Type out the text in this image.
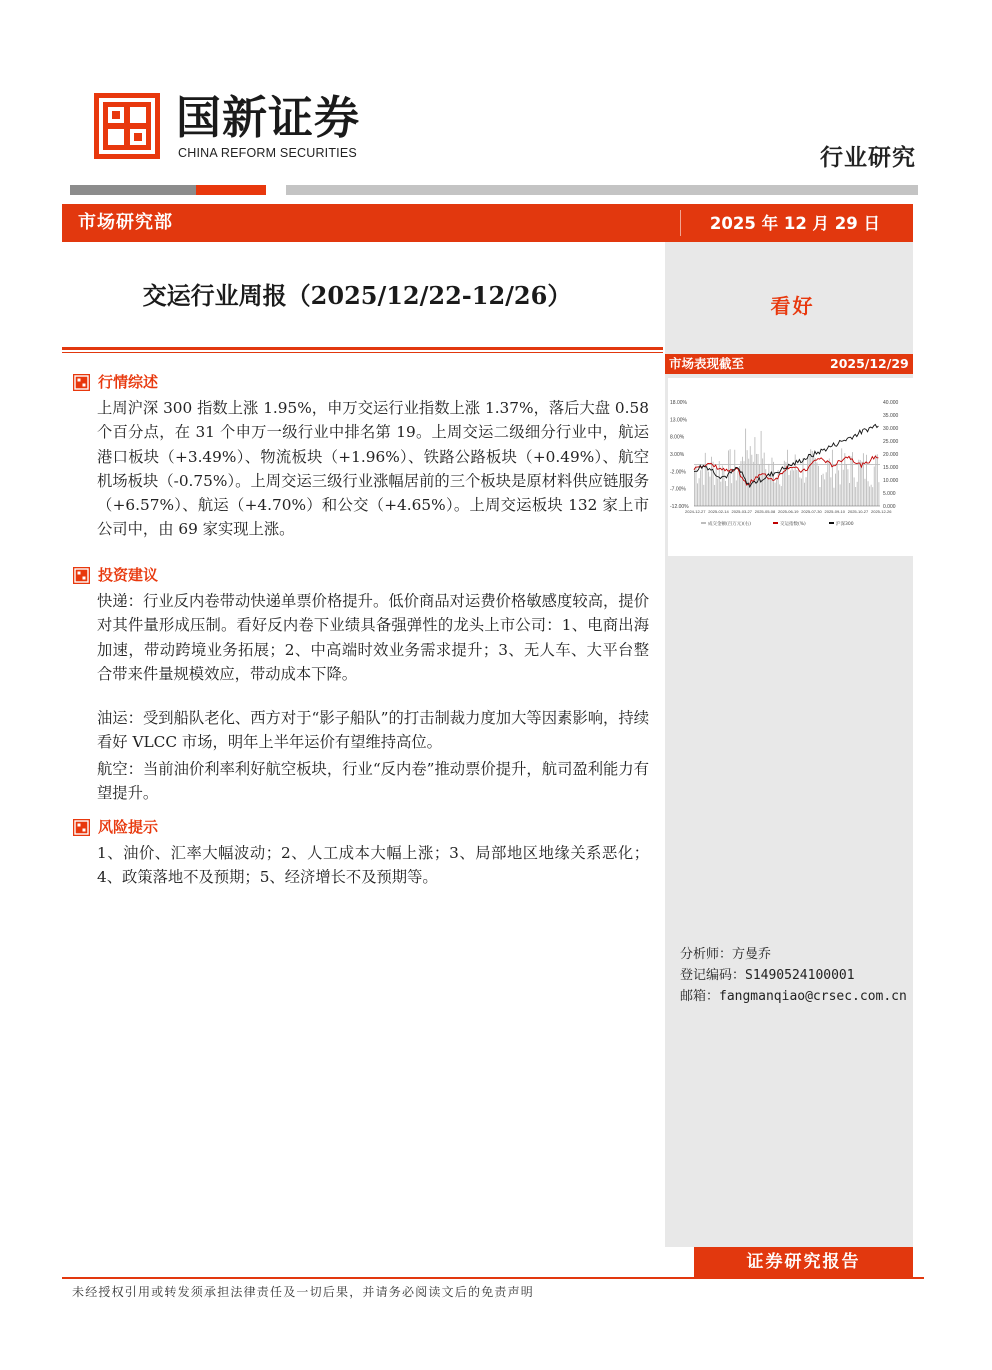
国新证券
CHINA REFORM SECURITIES	行业研究
市场研究部	2025 年 12 月 29 日
看好
市场表现截至	2025/12/29
18.00%
13.00%
8.00%
3.00%
-2.00%
-7.00%
-12.00%
40.000
35.000
30.000
25.000
20.000
15.000
10.000
5.000
0.000
2024-12-27 2025-02-14 2025-03-27 2025-05-08 2025-06-19 2025-07-30 2025-09-10 2025-10-27 2025-12-26
成交金额(百万元)(右)	交运指数(%)	沪深300
分析师：方曼乔
登记编码：S1490524100001
邮箱：fangmanqiao@crsec.com.cn
交运行业周报（2025/12/22-12/26）
行情综述
上周沪深 300 指数上涨 1.95%，申万交运行业指数上涨 1.37%，落后大盘 0.58 个百分点，在 31 个申万一级行业中排名第 19。上周交运二级细分行业中，航运港口板块（+3.49%）、物流板块（+1.96%）、铁路公路板块（+0.49%）、航空机场板块（-0.75%）。上周交运三级行业涨幅居前的三个板块是原材料供应链服务（+6.57%）、航运（+4.70%）和公交（+4.65%）。上周交运板块 132 家上市公司中，由 69 家实现上涨。
投资建议
快递：行业反内卷带动快递单票价格提升。低价商品对运费价格敏感度较高，提价对其件量形成压制。看好反内卷下业绩具备强弹性的龙头上市公司：1、电商出海加速，带动跨境业务拓展；2、中高端时效业务需求提升；3、无人车、大平台整合带来件量规模效应，带动成本下降。
油运：受到船队老化、西方对于“影子船队”的打击制裁力度加大等因素影响，持续看好 VLCC 市场，明年上半年运价有望维持高位。
航空：当前油价利率利好航空板块，行业“反内卷”推动票价提升，航司盈利能力有望提升。
风险提示
1、油价、汇率大幅波动；2、人工成本大幅上涨；3、局部地区地缘关系恶化；4、政策落地不及预期；5、经济增长不及预期等。
证券研究报告
未经授权引用或转发须承担法律责任及一切后果，并请务必阅读文后的免责声明
